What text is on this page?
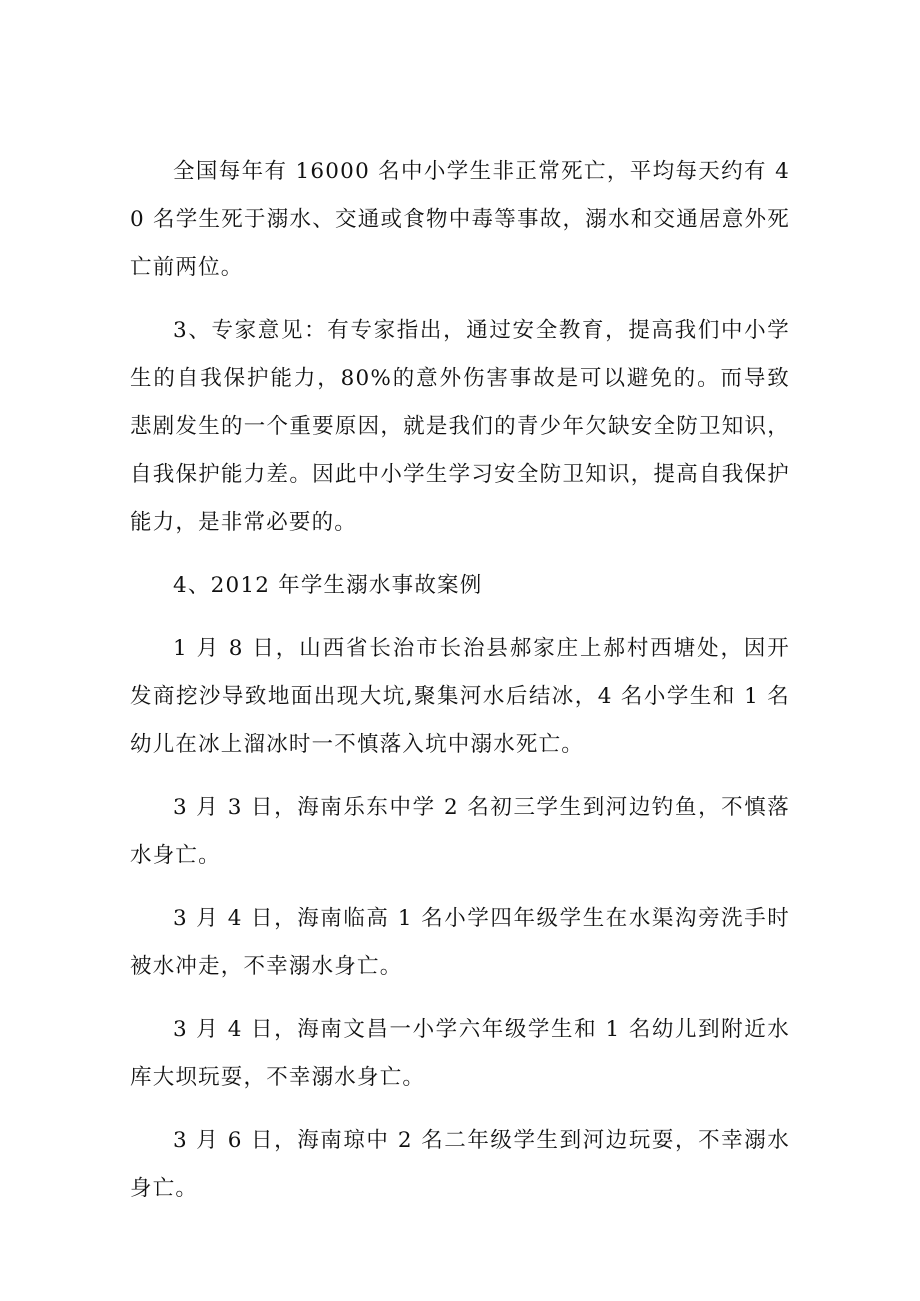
全国每年有 16000 名中小学生非正常死亡，平均每天约有 40 名学生死于溺水、交通或食物中毒等事故，溺水和交通居意外死亡前两位。

3、专家意见：有专家指出，通过安全教育，提高我们中小学生的自我保护能力，80%的意外伤害事故是可以避免的。而导致悲剧发生的一个重要原因，就是我们的青少年欠缺安全防卫知识，自我保护能力差。因此中小学生学习安全防卫知识，提高自我保护能力，是非常必要的。

4、2012 年学生溺水事故案例

1 月 8 日，山西省长治市长治县郝家庄上郝村西塘处，因开发商挖沙导致地面出现大坑,聚集河水后结冰，4 名小学生和 1 名幼儿在冰上溜冰时一不慎落入坑中溺水死亡。

3 月 3 日，海南乐东中学 2 名初三学生到河边钓鱼，不慎落水身亡。

3 月 4 日，海南临高 1 名小学四年级学生在水渠沟旁洗手时被水冲走，不幸溺水身亡。

3 月 4 日，海南文昌一小学六年级学生和 1 名幼儿到附近水库大坝玩耍，不幸溺水身亡。

3 月 6 日，海南琼中 2 名二年级学生到河边玩耍，不幸溺水身亡。
